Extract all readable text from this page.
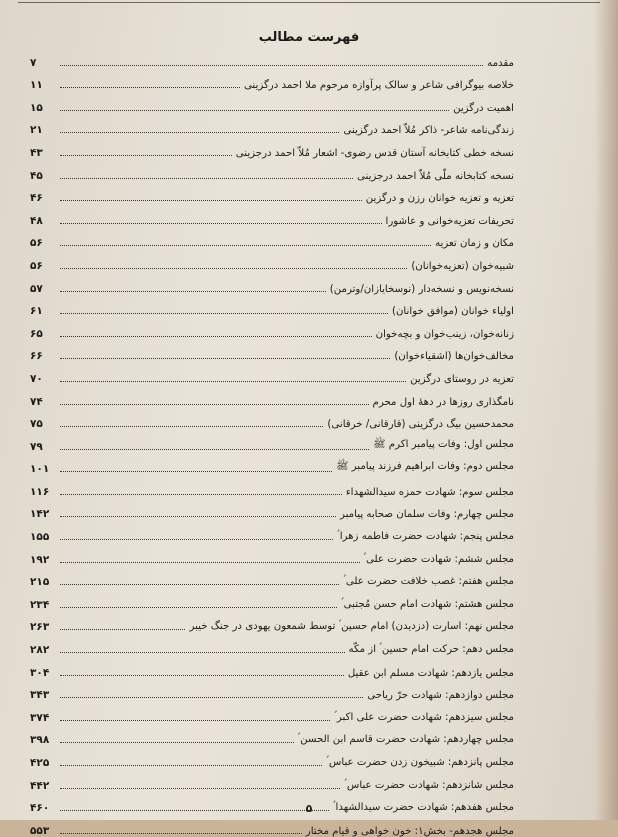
فهرست مطالب
مقدمه
۷
خلاصه بیوگرافی شاعر و سالک پرآوازه مرحوم ملا احمد درگزینی
۱۱
اهمیت درگزین
۱۵
زندگی‌نامه شاعر- ذاکر مُلاّ احمد درگزینی
۲۱
نسخه خطی کتابخانه آستان قدس رضوی- اشعار مُلاّ احمد درجزینی
۴۳
نسخه کتابخانه ملّی مُلاّ احمد درجزینی
۴۵
تعزیه و تعزیه خوانان رزن و درگزین
۴۶
تحریفات تعزیه‌خوانی و عاشورا
۴۸
مکان و زمان تعزیه
۵۶
شبیه‌خوان (تعزیه‌خوانان)
۵۶
نسخه‌نویس و نسخه‌دار (نوسخایازان/وترمن)
۵۷
اولیاء خوانان (موافق خوانان)
۶۱
زنانه‌خوان، زینب‌خوان و بچه‌خوان
۶۵
مخالف‌خوان‌ها (اشقیاء‌خوان)
۶۶
تعزیه در روستای درگزین
۷۰
نامگذاری روزها در دههٔ اول محرم
۷۴
محمدحسین بیگ درگزینی (قارقانی/ خرقانی)
۷۵
مجلس اول: وفات پیامبر اکرم ﷺ
۷۹
مجلس دوم: وفات ابراهیم فرزند پیامبر ﷺ
۱۰۱
مجلس سوم: شهادت حمزه سیدالشهداء
۱۱۶
مجلس چهارم: وفات سلمان صحابه پیامبر
۱۴۲
مجلس پنجم: شهادت حضرت فاطمه زهرا ؑ
۱۵۵
مجلس ششم: شهادت حضرت علی ؑ
۱۹۲
مجلس هفتم: غصب خلافت حضرت علی ؑ
۲۱۵
مجلس هشتم: شهادت امام حسن مُجتبی ؑ
۲۳۴
مجلس نهم: اسارت (دزدیدن) امام حسین ؑ توسط شمعون یهودی در جنگ خیبر
۲۶۳
مجلس دهم: حرکت امام حسین ؑ از مکّه
۲۸۲
مجلس یازدهم: شهادت مسلم ابن عقیل
۳۰۴
مجلس دوازدهم: شهادت حرّ ریاحی
۳۴۳
مجلس سیزدهم: شهادت حضرت علی اکبر ؑ
۳۷۴
مجلس چهاردهم: شهادت حضرت قاسم ابن الحسن ؑ
۳۹۸
مجلس پانزدهم: شبیخون زدن حضرت عباس ؑ
۴۲۵
مجلس شانزدهم: شهادت حضرت عباس ؑ
۴۴۲
مجلس هفدهم: شهادت حضرت سیدالشهدا ؑ
۴۶۰
مجلس هجدهم- بخش۱: خون خواهی و قیام مختار
۵۵۳
۵
